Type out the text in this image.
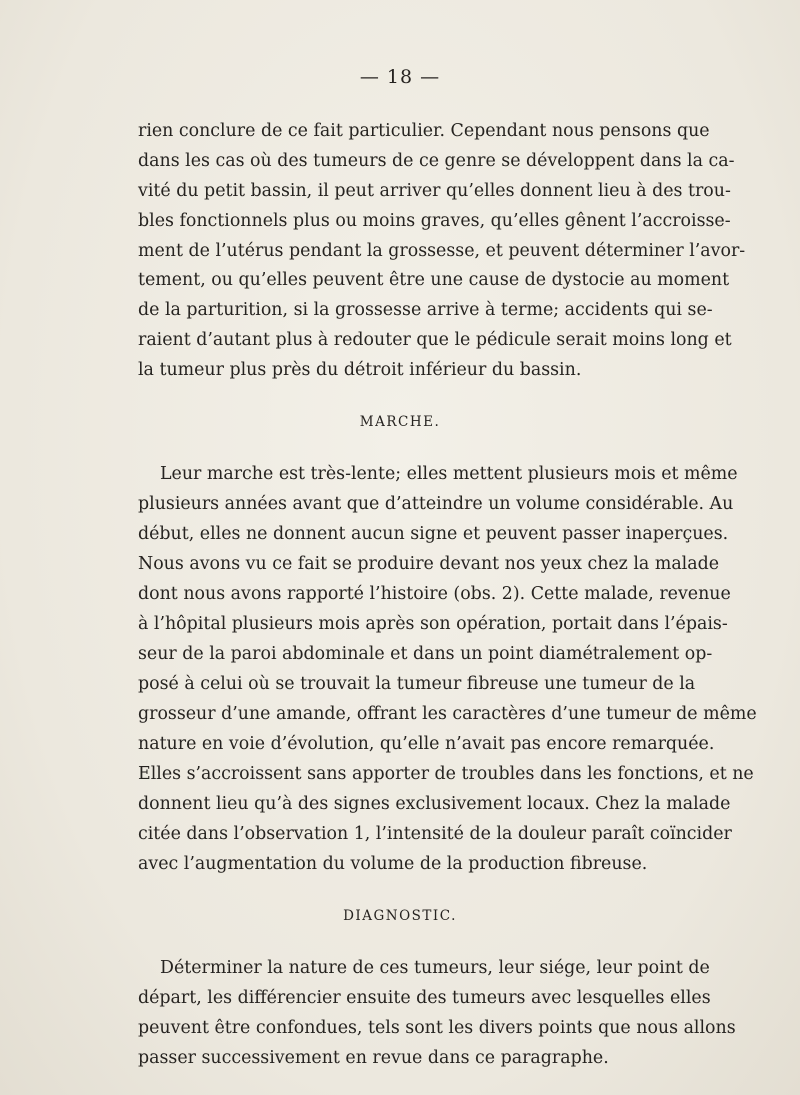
— 18 —
rien conclure de ce fait particulier. Cependant nous pensons que
dans les cas où des tumeurs de ce genre se développent dans la ca-
vité du petit bassin, il peut arriver qu’elles donnent lieu à des trou-
bles fonctionnels plus ou moins graves, qu’elles gênent l’accroisse-
ment de l’utérus pendant la grossesse, et peuvent déterminer l’avor-
tement, ou qu’elles peuvent être une cause de dystocie au moment
de la parturition, si la grossesse arrive à terme; accidents qui se-
raient d’autant plus à redouter que le pédicule serait moins long et
la tumeur plus près du détroit inférieur du bassin.
MARCHE.
Leur marche est très-lente; elles mettent plusieurs mois et même
plusieurs années avant que d’atteindre un volume considérable. Au
début, elles ne donnent aucun signe et peuvent passer inaperçues.
Nous avons vu ce fait se produire devant nos yeux chez la malade
dont nous avons rapporté l’histoire (obs. 2). Cette malade, revenue
à l’hôpital plusieurs mois après son opération, portait dans l’épais-
seur de la paroi abdominale et dans un point diamétralement op-
posé à celui où se trouvait la tumeur fibreuse une tumeur de la
grosseur d’une amande, offrant les caractères d’une tumeur de même
nature en voie d’évolution, qu’elle n’avait pas encore remarquée.
Elles s’accroissent sans apporter de troubles dans les fonctions, et ne
donnent lieu qu’à des signes exclusivement locaux. Chez la malade
citée dans l’observation 1, l’intensité de la douleur paraît coïncider
avec l’augmentation du volume de la production fibreuse.
DIAGNOSTIC.
Déterminer la nature de ces tumeurs, leur siége, leur point de
départ, les différencier ensuite des tumeurs avec lesquelles elles
peuvent être confondues, tels sont les divers points que nous allons
passer successivement en revue dans ce paragraphe.
